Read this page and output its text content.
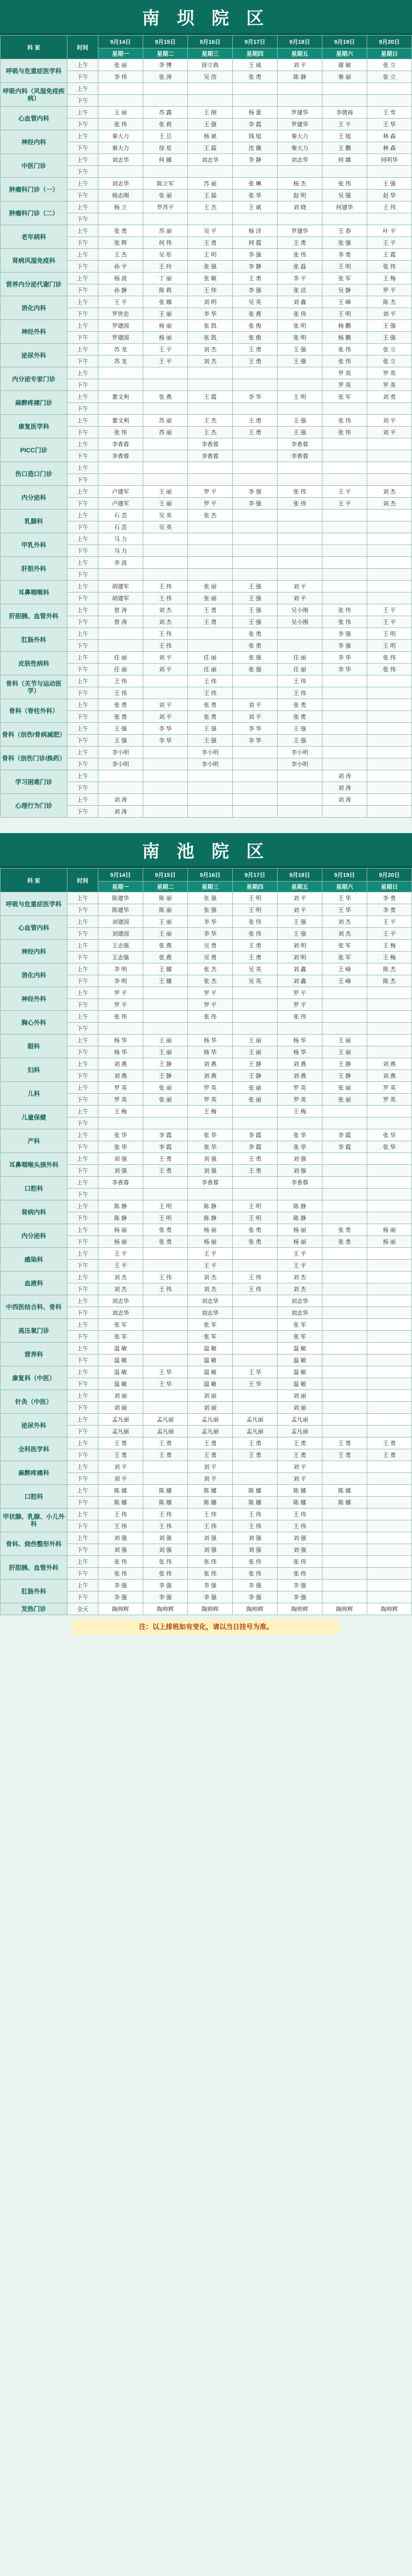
南 坝 院 区
科 室	时间	9月14日	9月15日	9月16日	9月17日	9月18日	9月19日	9月20日
		星期一	星期二	星期三	星期四	星期五	星期六	星期日
呼吸与危重症医学科	上午	张 丽	李 博	徐立典	王 威	刘 平	谢 敏	张 立
	下午	李 伟	张 涛	吴 浩	张 勇	陈 静	秦 丽	张 立
呼吸内科（风湿免疫疾病）	上午							
	下午							
心血管内科	上午	王 丽	苏 露	王 刚	杨 蕾	罗建华	李倩茜	王 雪
	下午	张 伟	张 莉	王 强	李 霞	罗建华	王 平	王 华
神经内科	上午	秦大力	王 岳	杨 斌	钱 旭	秦大力	王 旭	林 森
	下午	秦大力	徐 星	王 磊	沈 薇	秦大力	王 鹏	林 森
中医门诊	上午	刘志华	何 娜	刘志华	李 静	刘志华	何 娜	何明华
	下午							
肿瘤科门诊（一）	上午	刘志华	陈立军	苏 丽	张 琳	杨 杰	张 伟	王 强
	下午	杨志刚	张 丽	王 磊	张 华	赵 明	吴 强	赵 华
肿瘤科门诊（二）	上午	杨 立	罗苏平	王 杰	王 斌	刘 晓	何建华	王 伟
	下午							
老年病科	上午	张 勇	苏 丽	吴 平	杨 洋	罗建华	王 春	叶 平
	下午	张 辉	何 伟	王 勇	何 霞	王 勇	张 强	王 平
肾病风湿免疫科	上午	王 杰	吴 彤	王 明	李 强	张 伟	李 勇	王 霞
	下午	孙 平	王 玲	张 强	李 静	张 磊	王 明	张 伟
营养内分泌代谢门诊	上午	杨 波	丁 丽	张 敏	王 勇	李 平	张 军	王 梅
	下午	孙 静	陈 莉	王 伟	李 强	张 洁	吴 静	罗 平
消化内科	上午	王 平	张 娜	刘 明	吴 英	刘 鑫	王 峰	陈 杰
	下午	罗世忠	王 丽	李 华	张 燕	张 伟	王 明	刘 平
神经外科	上午	罗建国	杨 丽	张 凯	张 俊	张 明	杨 鹏	王 强
	下午	罗建国	杨 丽	张 凯	张 俊	张 明	杨 鹏	王 强
泌尿外科	上午	苏 龙	王 平	刘 杰	王 勇	王 强	张 伟	张 立
	下午	苏 龙	王 平	刘 杰	王 勇	王 强	张 伟	张 立
内分泌专家门诊	上午						罗 英	罗 英
	下午						罗 英	罗 英
麻醉疼痛门诊	上午	董文利	张 燕	王 霞	李 华	王 明	张 军	刘 勇
	下午							
康复医学科	上午	董文利	苏 丽	王 杰	王 勇	王 强	张 伟	刘 平
	下午	张 伟	苏 丽	王 杰	王 勇	王 强	张 伟	刘 平
PICC门诊	上午	李香蓉		李香蓉		李香蓉		
	下午	李香蓉		李香蓉		李香蓉		
伤口造口门诊	上午							
	下午							
内分泌科	上午	卢建军	王 丽	罗 平	李 强	张 伟	王 平	刘 杰
	下午	卢建军	王 丽	罗 平	李 强	张 伟	王 平	刘 杰
乳腺科	上午	石 芸	吴 英	张 杰				
	下午	石 芸	吴 英					
甲乳外科	上午	马 力						
	下午	马 力						
肝胆外科	上午	李 波						
	下午							
耳鼻咽喉科	上午	胡建军	王 伟	张 丽	王 强	刘 平		
	下午	胡建军	王 伟	张 丽	王 强	刘 平		
肝胆胰、血管外科	上午	曾 涛	刘 杰	王 勇	王 强	吴小刚	张 伟	王 平
	下午	曾 涛	刘 杰	王 勇	王 强	吴小刚	张 伟	王 平
肛肠外科	上午		王 伟		张 勇		李 强	王 明
	下午		王 伟		张 勇		李 强	王 明
皮肤性病科	上午	任 丽	刘 平	任 丽	张 强	任 丽	李 华	张 伟
	下午	任 丽	刘 平	任 丽	张 强	任 丽	李 华	张 伟
骨科（关节与运动医学）	上午	王 伟		王 伟		王 伟		
	下午	王 伟		王 伟		王 伟		
骨科（脊柱外科）	上午	张 勇	刘 平	张 勇	刘 平	张 勇		
	下午	张 勇	刘 平	张 勇	刘 平	张 勇		
骨科（创伤/骨病减肥）	上午	王 强	李 华	王 强	李 华	王 强		
	下午	王 强	李 华	王 强	李 华	王 强		
骨科（创伤门诊/换药）	上午	李小明		李小明		李小明		
	下午	李小明		李小明		李小明		
学习困难门诊	上午						刘 涛	
	下午						刘 涛	
心理行为门诊	上午	刘 涛					刘 涛	
	下午	刘 涛						
南 池 院 区
科 室	时间	9月14日	9月15日	9月16日	9月17日	9月18日	9月19日	9月20日
		星期一	星期二	星期三	星期四	星期五	星期六	星期日
呼吸与危重症医学科	上午	陈建华	陈 丽	张 强	王 明	刘 平	王 华	李 勇
	下午	陈建华	陈 丽	张 强	王 明	刘 平	王 华	李 勇
心血管内科	上午	刘建国	王 丽	李 华	张 伟	王 强	刘 杰	王 平
	下午	刘建国	王 丽	李 华	张 伟	王 强	刘 杰	王 平
神经内科	上午	王志强	张 燕	吴 勇	王 勇	刘 明	张 军	王 梅
	下午	王志强	张 燕	吴 勇	王 勇	刘 明	张 军	王 梅
消化内科	上午	李 明	王 娜	张 杰	吴 英	刘 鑫	王 峰	陈 杰
	下午	李 明	王 娜	张 杰	吴 英	刘 鑫	王 峰	陈 杰
神经外科	上午	罗 平		罗 平		罗 平		
	下午	罗 平		罗 平		罗 平		
胸心外科	上午	张 伟		张 伟		张 伟		
	下午							
眼科	上午	杨 华	王 丽	杨 华	王 丽	杨 华	王 丽	
	下午	杨 华	王 丽	杨 华	王 丽	杨 华	王 丽	
妇科	上午	刘 燕	王 静	刘 燕	王 静	刘 燕	王 静	刘 燕
	下午	刘 燕	王 静	刘 燕	王 静	刘 燕	王 静	刘 燕
儿科	上午	罗 英	张 丽	罗 英	张 丽	罗 英	张 丽	罗 英
	下午	罗 英	张 丽	罗 英	张 丽	罗 英	张 丽	罗 英
儿童保健	上午	王 梅		王 梅		王 梅		
	下午							
产科	上午	张 华	李 霞	张 华	李 霞	张 华	李 霞	张 华
	下午	张 华	李 霞	张 华	李 霞	张 华	李 霞	张 华
耳鼻咽喉头颈外科	上午	刘 强	王 勇	刘 强	王 勇	刘 强		
	下午	刘 强	王 勇	刘 强	王 勇	刘 强		
口腔科	上午	李香蓉		李香蓉		李香蓉		
	下午							
肾病内科	上午	陈 静	王 明	陈 静	王 明	陈 静		
	下午	陈 静	王 明	陈 静	王 明	陈 静		
内分泌科	上午	杨 丽	张 勇	杨 丽	张 勇	杨 丽	张 勇	杨 丽
	下午	杨 丽	张 勇	杨 丽	张 勇	杨 丽	张 勇	杨 丽
感染科	上午	王 平		王 平		王 平		
	下午	王 平		王 平		王 平		
血液科	上午	刘 杰	王 伟	刘 杰	王 伟	刘 杰		
	下午	刘 杰	王 伟	刘 杰	王 伟	刘 杰		
中西医结合科、骨科	上午	刘志华		刘志华		刘志华		
	下午	刘志华		刘志华		刘志华		
高压氧门诊	上午	张 军		张 军		张 军		
	下午	张 军		张 军		张 军		
营养科	上午	温 敏		温 敏		温 敏		
	下午	温 敏		温 敏		温 敏		
康复科（中医）	上午	温 敏	王 华	温 敏	王 华	温 敏		
	下午	温 敏	王 华	温 敏	王 华	温 敏		
针灸（中医）	上午	刘 丽		刘 丽		刘 丽		
	下午	刘 丽		刘 丽		刘 丽		
泌尿外科	上午	孟凡丽	孟凡丽	孟凡丽	孟凡丽	孟凡丽		
	下午	孟凡丽	孟凡丽	孟凡丽	孟凡丽	孟凡丽		
全科医学科	上午	王 勇	王 勇	王 勇	王 勇	王 勇	王 勇	王 勇
	下午	王 勇	王 勇	王 勇	王 勇	王 勇	王 勇	王 勇
麻醉疼痛科	上午	刘 平		刘 平		刘 平		
	下午	刘 平		刘 平		刘 平		
口腔科	上午	陈 娜	陈 娜	陈 娜	陈 娜	陈 娜	陈 娜	
	下午	陈 娜	陈 娜	陈 娜	陈 娜	陈 娜	陈 娜	
甲状腺、乳腺、小儿外科	上午	王 伟	王 伟	王 伟	王 伟	王 伟		
	下午	王 伟	王 伟	王 伟	王 伟	王 伟		
骨科、烧伤整形外科	上午	刘 强	刘 强	刘 强	刘 强	刘 强		
	下午	刘 强	刘 强	刘 强	刘 强	刘 强		
肝胆胰、血管外科	上午	张 伟	张 伟	张 伟	张 伟	张 伟		
	下午	张 伟	张 伟	张 伟	张 伟	张 伟		
肛肠外科	上午	李 强	李 强	李 强	李 强	李 强		
	下午	李 强	李 强	李 强	李 强	李 强		
发热门诊	全天	陶帅辉	陶帅辉	陶帅辉	陶帅辉	陶帅辉	陶帅辉	陶帅辉
注：以上排班如有变化，请以当日挂号为准。
